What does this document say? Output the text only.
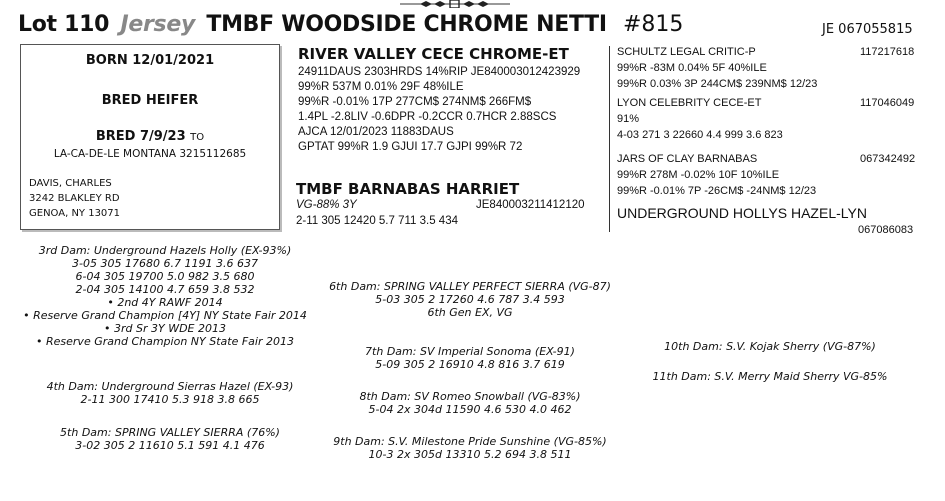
Lot 110 Jersey TMBF WOODSIDE CHROME NETTI #815	JE 067055815
BORN 12/01/2021
BRED HEIFER
BRED 7/9/23 TO
LA-CA-DE-LE MONTANA 3215112685
DAVIS, CHARLES
3242 BLAKLEY RD
GENOA, NY 13071
RIVER VALLEY CECE CHROME-ET
24911DAUS 2303HRDS 14%RIP JE840003012423929
99%R 537M 0.01% 29F 48%ILE
99%R -0.01% 17P 277CM$ 274NM$ 266FM$
1.4PL -2.8LIV -0.6DPR -0.2CCR 0.7HCR 2.88SCS
AJCA 12/01/2023 11883DAUS
GPTAT 99%R 1.9 GJUI 17.7 GJPI 99%R 72
TMBF BARNABAS HARRIET
VG-88% 3Y	JE840003211412120
2-11 305 12420 5.7 711 3.5 434
SCHULTZ LEGAL CRITIC-P	117217618
99%R -83M 0.04% 5F 40%ILE
99%R 0.03% 3P 244CM$ 239NM$ 12/23
LYON CELEBRITY CECE-ET	117046049
91%
4-03 271 3 22660 4.4 999 3.6 823
JARS OF CLAY BARNABAS	067342492
99%R 278M -0.02% 10F 10%ILE
99%R -0.01% 7P -26CM$ -24NM$ 12/23
UNDERGROUND HOLLYS HAZEL-LYN
067086083
3rd Dam: Underground Hazels Holly (EX-93%)
3-05 305 17680 6.7 1191 3.6 637
6-04 305 19700 5.0 982 3.5 680
2-04 305 14100 4.7 659 3.8 532
• 2nd 4Y RAWF 2014
• Reserve Grand Champion [4Y] NY State Fair 2014
• 3rd Sr 3Y WDE 2013
• Reserve Grand Champion NY State Fair 2013
4th Dam: Underground Sierras Hazel (EX-93)
2-11 300 17410 5.3 918 3.8 665
5th Dam: SPRING VALLEY SIERRA (76%)
3-02 305 2 11610 5.1 591 4.1 476
6th Dam: SPRING VALLEY PERFECT SIERRA (VG-87)
5-03 305 2 17260 4.6 787 3.4 593
6th Gen EX, VG
7th Dam: SV Imperial Sonoma (EX-91)
5-09 305 2 16910 4.8 816 3.7 619
8th Dam: SV Romeo Snowball (VG-83%)
5-04 2x 304d 11590 4.6 530 4.0 462
9th Dam: S.V. Milestone Pride Sunshine (VG-85%)
10-3 2x 305d 13310 5.2 694 3.8 511
10th Dam: S.V. Kojak Sherry (VG-87%)
11th Dam: S.V. Merry Maid Sherry VG-85%
